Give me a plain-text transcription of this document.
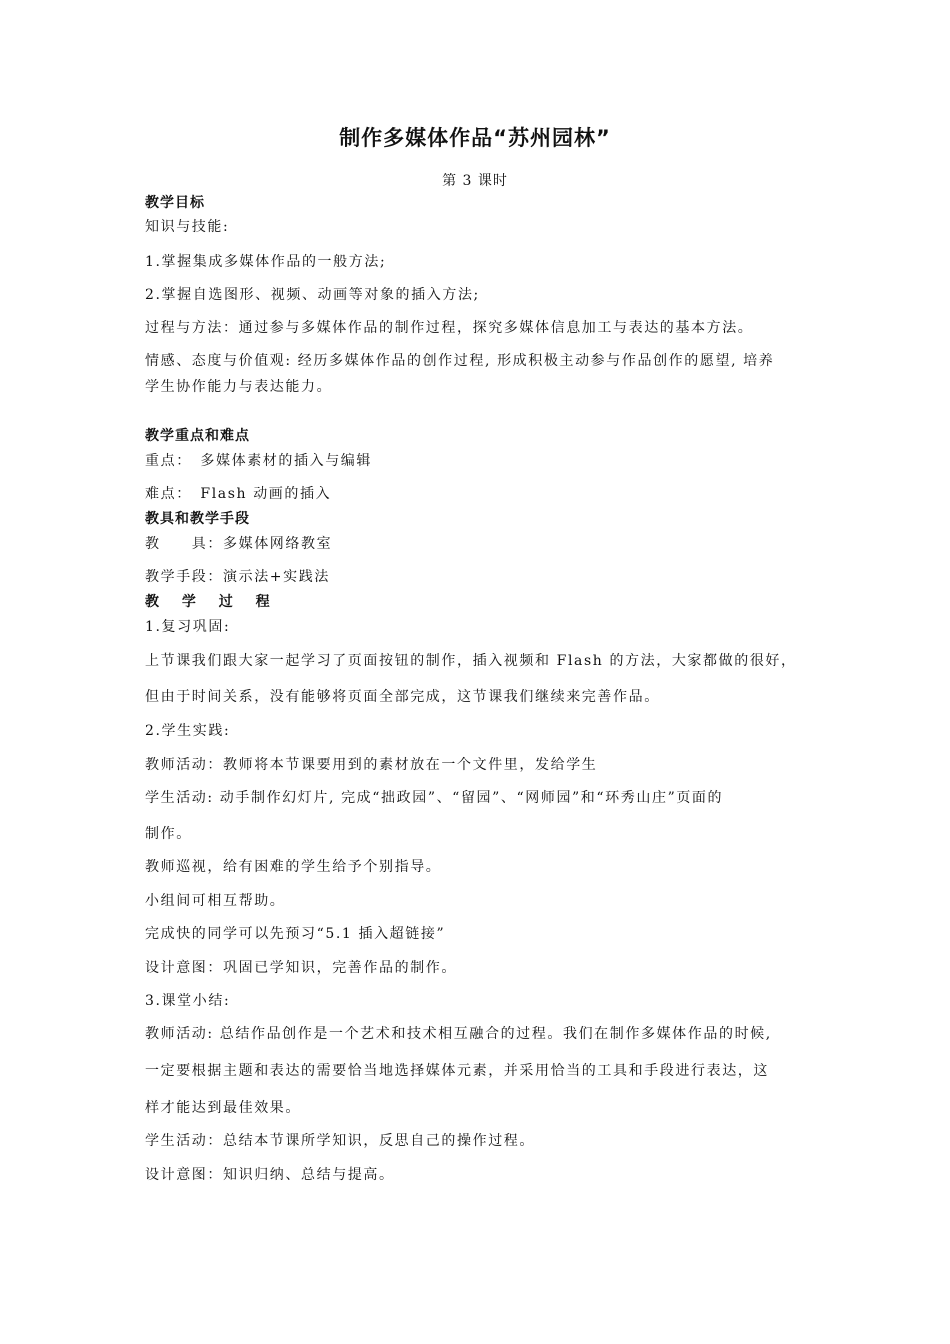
制作多媒体作品“苏州园林”
第 3 课时
教学目标
知识与技能:
1.掌握集成多媒体作品的一般方法;
2.掌握自选图形、视频、动画等对象的插入方法;
过程与方法：通过参与多媒体作品的制作过程，探究多媒体信息加工与表达的基本方法。
情感、态度与价值观: 经历多媒体作品的创作过程, 形成积极主动参与作品创作的愿望, 培养
学生协作能力与表达能力。
教学重点和难点
重点：　多媒体素材的插入与编辑
难点：　Flash 动画的插入
教具和教学手段
教　　具：多媒体网络教室
教学手段：演示法+实践法
教 学 过 程
1.复习巩固:
上节课我们跟大家一起学习了页面按钮的制作，插入视频和 Flash 的方法，大家都做的很好，
但由于时间关系，没有能够将页面全部完成，这节课我们继续来完善作品。
2.学生实践:
教师活动：教师将本节课要用到的素材放在一个文件里，发给学生
学生活动: 动手制作幻灯片, 完成“拙政园”、“留园”、“网师园”和“环秀山庄”页面的
制作。
教师巡视，给有困难的学生给予个别指导。
小组间可相互帮助。
完成快的同学可以先预习“5.1 插入超链接”
设计意图：巩固已学知识，完善作品的制作。
3.课堂小结:
教师活动: 总结作品创作是一个艺术和技术相互融合的过程。我们在制作多媒体作品的时候,
一定要根据主题和表达的需要恰当地选择媒体元素，并采用恰当的工具和手段进行表达，这
样才能达到最佳效果。
学生活动：总结本节课所学知识，反思自己的操作过程。
设计意图：知识归纳、总结与提高。
